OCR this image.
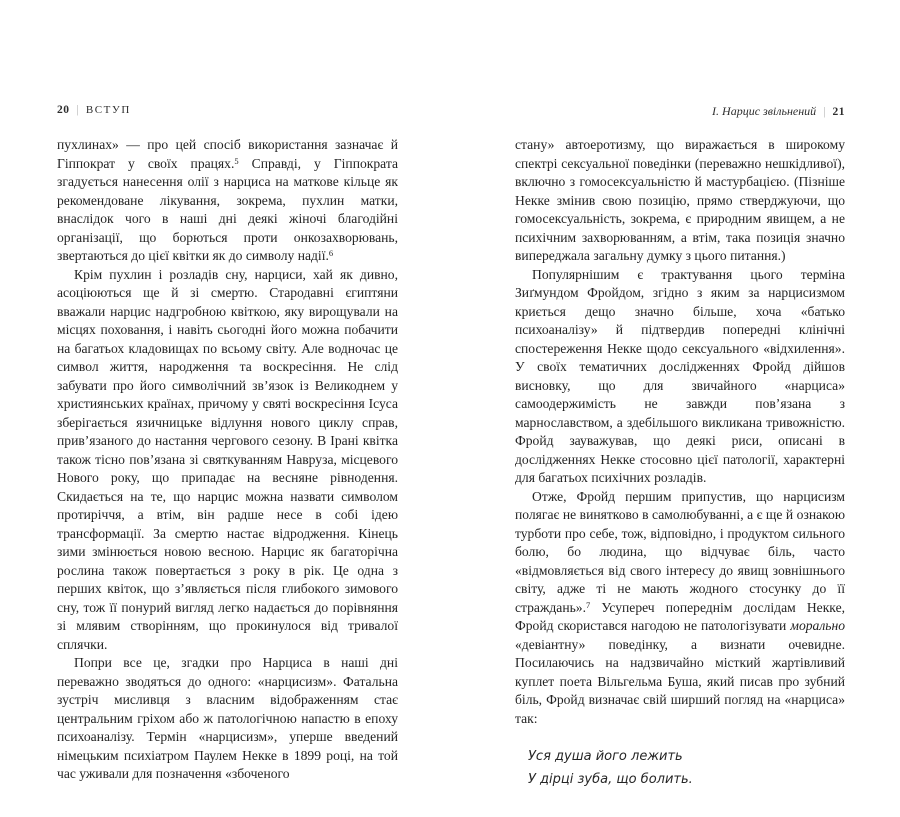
20 | ВСТУП

пухлинах» — про цей спосіб використання зазначає й Гіппократ у своїх працях.$^5$ Справді, у Гіппократа згадується нанесення олії з нарциса на маткове кільце як рекомендоване лікування, зокрема, пухлин матки, внаслідок чого в наші дні деякі жіночі благодійні організації, що борються проти онкозахворювань, звертаються до цієї квітки як до символу надії.$^6$

Крім пухлин і розладів сну, нарциси, хай як дивно, асоціюються ще й зі смертю. Стародавні єгиптяни вважали нарцис надгробною квіткою, яку вирощували на місцях поховання, і навіть сьогодні його можна побачити на багатьох кладовищах по всьому світу. Але водночас це символ життя, народження та воскресіння. Не слід забувати про його символічний зв’язок із Великоднем у християнських країнах, причому у святі воскресіння Ісуса зберігається язичницьке відлуння нового циклу справ, прив’язаного до настання чергового сезону. В Ірані квітка також тісно пов’язана зі святкуванням Навруза, місцевого Нового року, що припадає на весняне рівнодення. Скидається на те, що нарцис можна назвати символом протиріччя, а втім, він радше несе в собі ідею трансформації. За смертю настає відродження. Кінець зими змінюється новою весною. Нарцис як багаторічна рослина також повертається з року в рік. Це одна з перших квіток, що з’являється після глибокого зимового сну, тож її понурий вигляд легко надається до порівняння зі млявим створінням, що прокинулося від тривалої сплячки.

Попри все це, згадки про Нарциса в наші дні переважно зводяться до одного: «нарцисизм». Фатальна зустріч мисливця з власним відображенням стає центральним гріхом або ж патологічною напастю в епоху психоаналізу. Термін «нарцисизм», уперше введений німецьким психіатром Паулем Некке в 1899 році, на той час уживали для позначення «збоченого

І. Нарцис звільнений | 21

стану» автоеротизму, що виражається в широкому спектрі сексуальної поведінки (переважно нешкідливої), включно з гомосексуальністю й мастурбацією. (Пізніше Некке змінив свою позицію, прямо стверджуючи, що гомосексуальність, зокрема, є природним явищем, а не психічним захворюванням, а втім, така позиція значно випереджала загальну думку з цього питання.)

Популярнішим є трактування цього терміна Зиґмундом Фройдом, згідно з яким за нарцисизмом криється дещо значно більше, хоча «батько психоаналізу» й підтвердив попередні клінічні спостереження Некке щодо сексуального «відхилення». У своїх тематичних дослідженнях Фройд дійшов висновку, що для звичайного «нарциса» самоодержимість не завжди пов’язана з марнославством, а здебільшого викликана тривожністю. Фройд зауважував, що деякі риси, описані в дослідженнях Некке стосовно цієї патології, характерні для багатьох психічних розладів.

Отже, Фройд першим припустив, що нарцисизм полягає не винятково в самолюбуванні, а є ще й ознакою турботи про себе, тож, відповідно, і продуктом сильного болю, бо людина, що відчуває біль, часто «відмовляється від свого інтересу до явищ зовнішнього світу, адже ті не мають жодного стосунку до її страждань».$^7$ Усупереч попереднім дослідам Некке, Фройд скористався нагодою не патологізувати морально «девіантну» поведінку, а визнати очевидне. Посилаючись на надзвичайно місткий жартівливий куплет поета Вільгельма Буша, який писав про зубний біль, Фройд визначає свій ширший погляд на «нарциса» так:

Уся душа його лежить
У дірці зуба, що болить.
